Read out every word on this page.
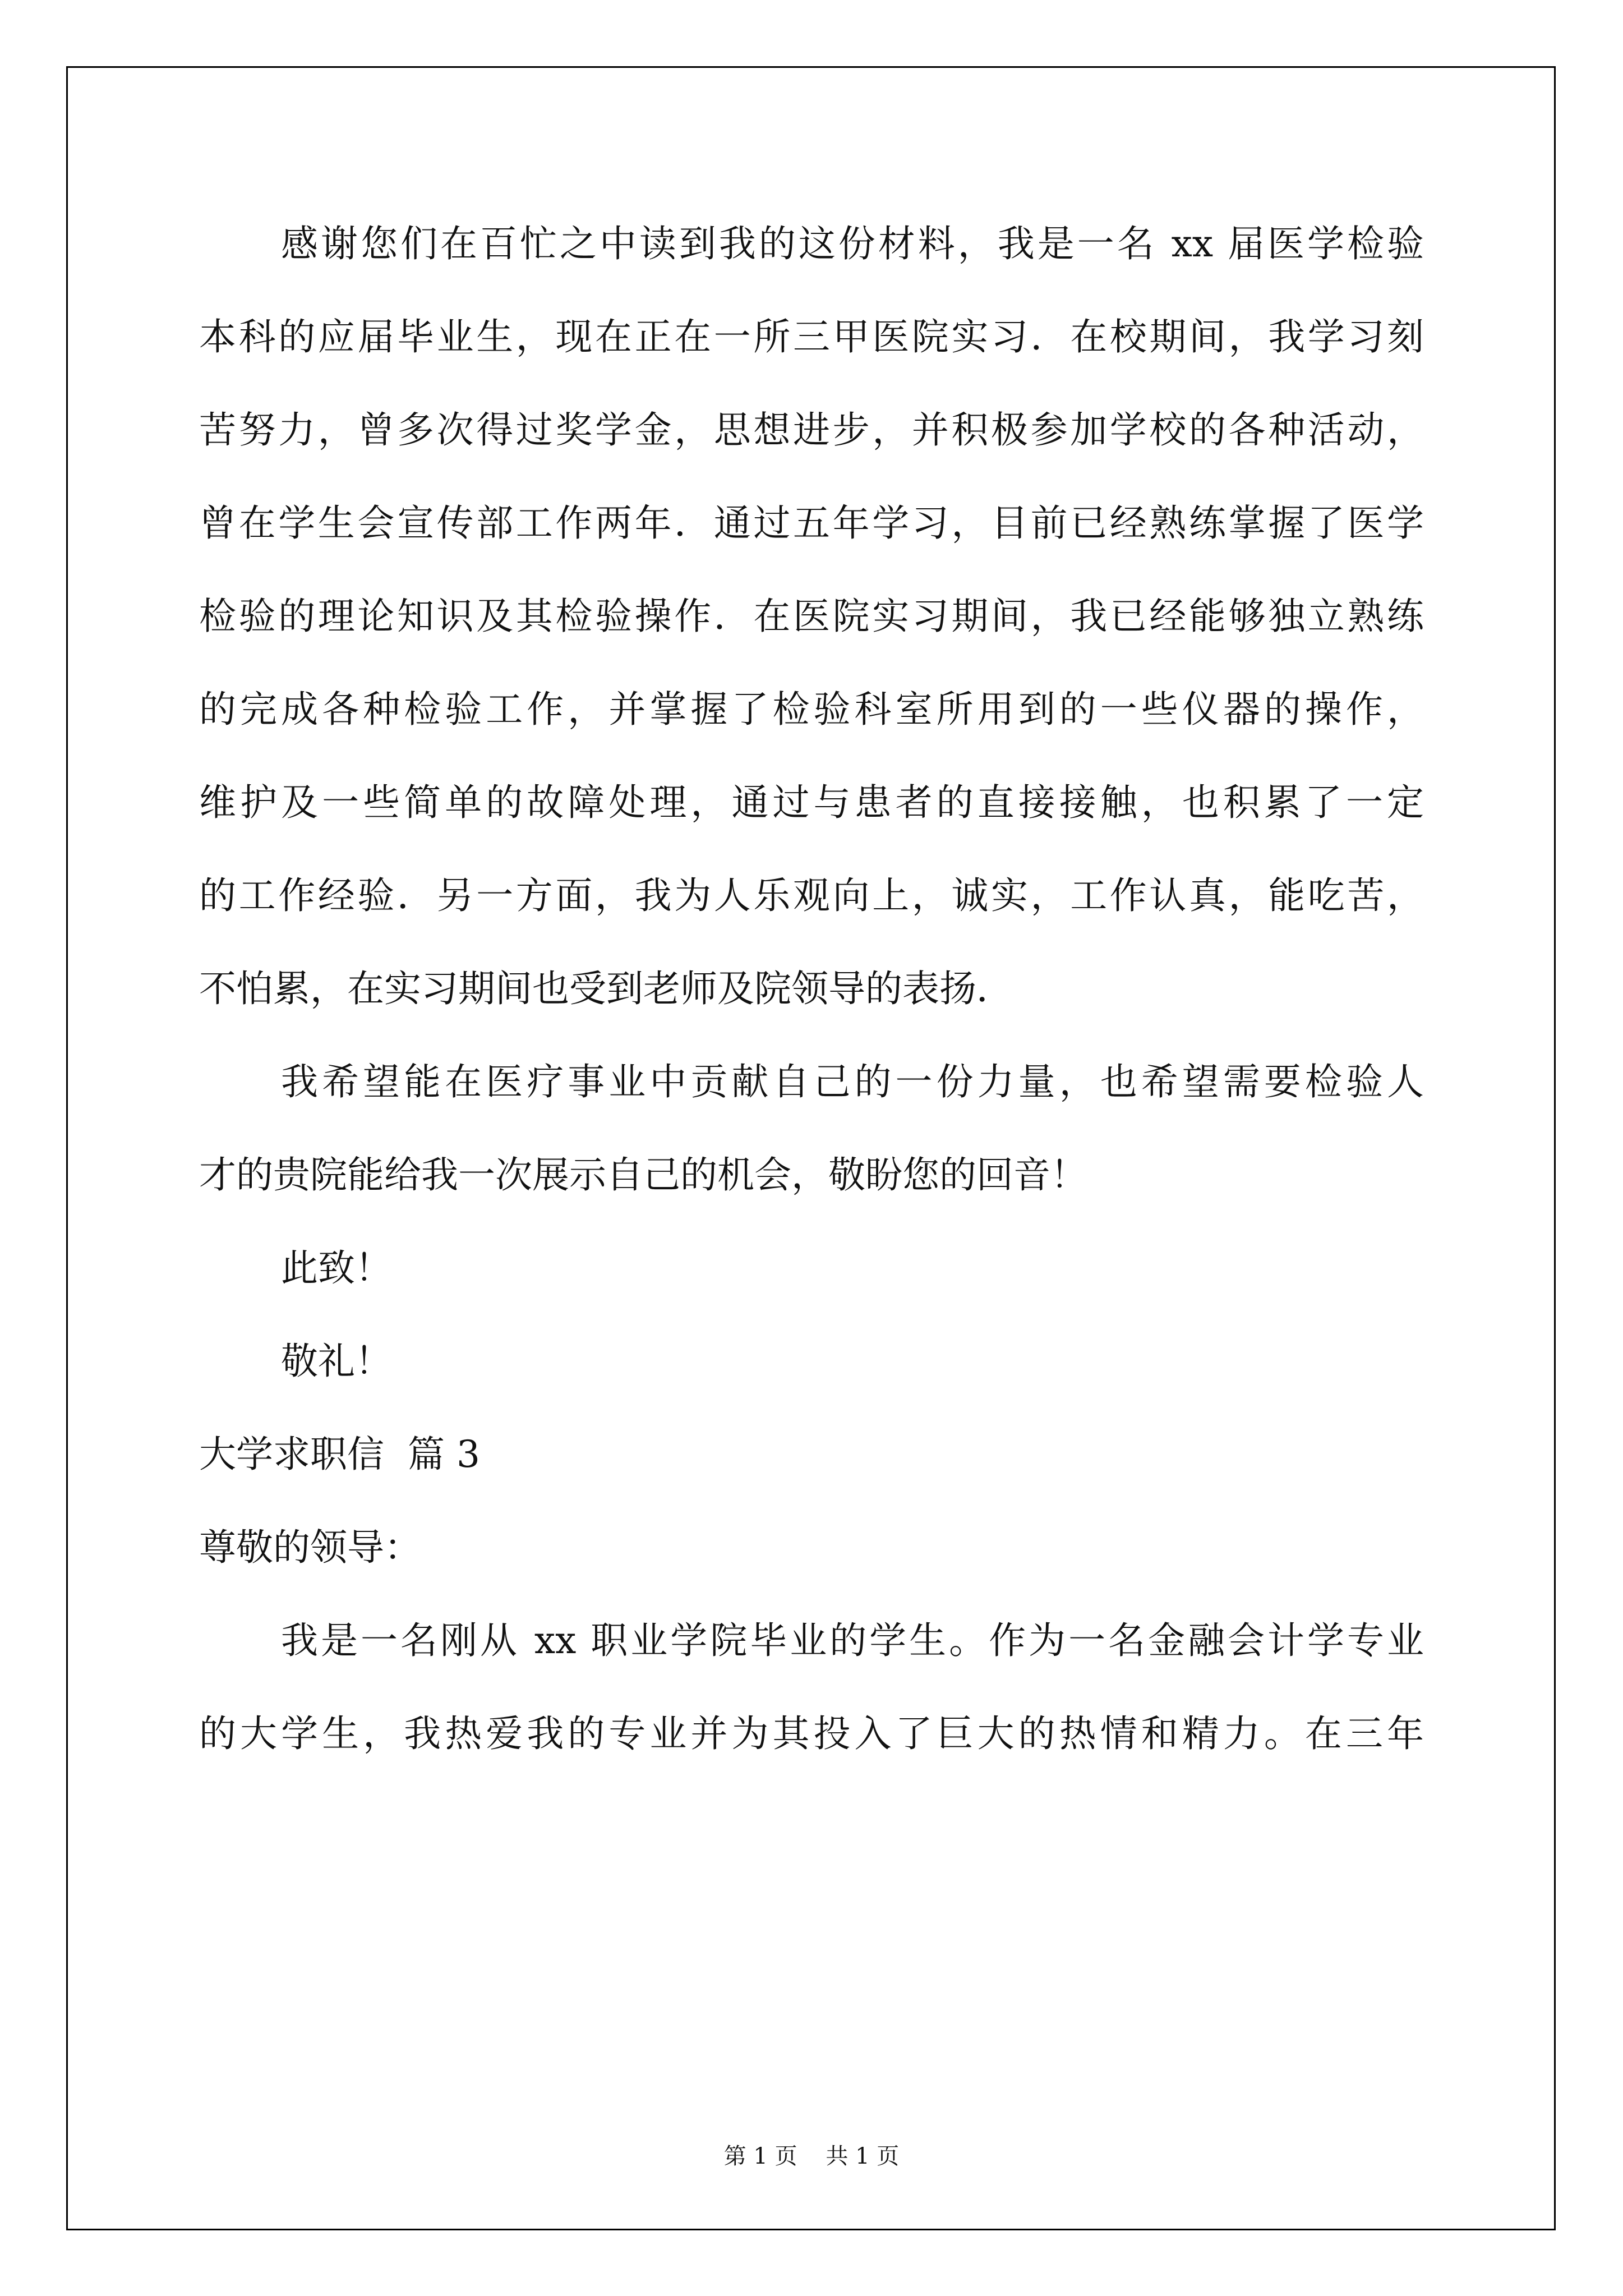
感谢您们在百忙之中读到我的这份材料，我是一名 xx 届医学检验
本科的应届毕业生，现在正在一所三甲医院实习．在校期间，我学习刻
苦努力，曾多次得过奖学金，思想进步，并积极参加学校的各种活动，
曾在学生会宣传部工作两年．通过五年学习，目前已经熟练掌握了医学
检验的理论知识及其检验操作．在医院实习期间，我已经能够独立熟练
的完成各种检验工作，并掌握了检验科室所用到的一些仪器的操作，
维护及一些简单的故障处理，通过与患者的直接接触，也积累了一定
的工作经验．另一方面，我为人乐观向上，诚实，工作认真，能吃苦，
不怕累，在实习期间也受到老师及院领导的表扬．
我希望能在医疗事业中贡献自己的一份力量，也希望需要检验人
才的贵院能给我一次展示自己的机会，敬盼您的回音！
此致！
敬礼！
大学求职信  篇 3
尊敬的领导：
我是一名刚从 xx 职业学院毕业的学生。作为一名金融会计学专业
的大学生，我热爱我的专业并为其投入了巨大的热情和精力。在三年
第 1 页    共 1 页
